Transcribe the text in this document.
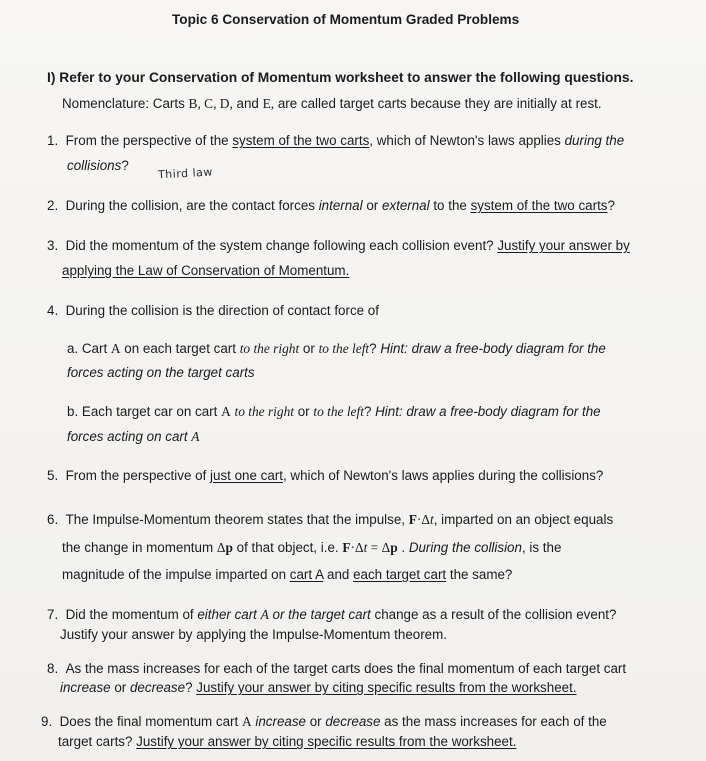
Topic 6 Conservation of Momentum Graded Problems
I) Refer to your Conservation of Momentum worksheet to answer the following questions.
Nomenclature: Carts B, C, D, and E, are called target carts because they are initially at rest.
1. From the perspective of the system of the two carts, which of Newton's laws applies during the
collisions?
Third law
2. During the collision, are the contact forces internal or external to the system of the two carts?
3. Did the momentum of the system change following each collision event? Justify your answer by
applying the Law of Conservation of Momentum.
4. During the collision is the direction of contact force of
a. Cart A on each target cart to the right or to the left? Hint: draw a free-body diagram for the
forces acting on the target carts
b. Each target car on cart A to the right or to the left? Hint: draw a free-body diagram for the
forces acting on cart A
5. From the perspective of just one cart, which of Newton's laws applies during the collisions?
6. The Impulse-Momentum theorem states that the impulse, F·Δt, imparted on an object equals
the change in momentum Δp of that object, i.e. F·Δt = Δp . During the collision, is the
magnitude of the impulse imparted on cart A and each target cart the same?
7. Did the momentum of either cart A or the target cart change as a result of the collision event?
Justify your answer by applying the Impulse-Momentum theorem.
8. As the mass increases for each of the target carts does the final momentum of each target cart
increase or decrease? Justify your answer by citing specific results from the worksheet.
9. Does the final momentum cart A increase or decrease as the mass increases for each of the
target carts? Justify your answer by citing specific results from the worksheet.
